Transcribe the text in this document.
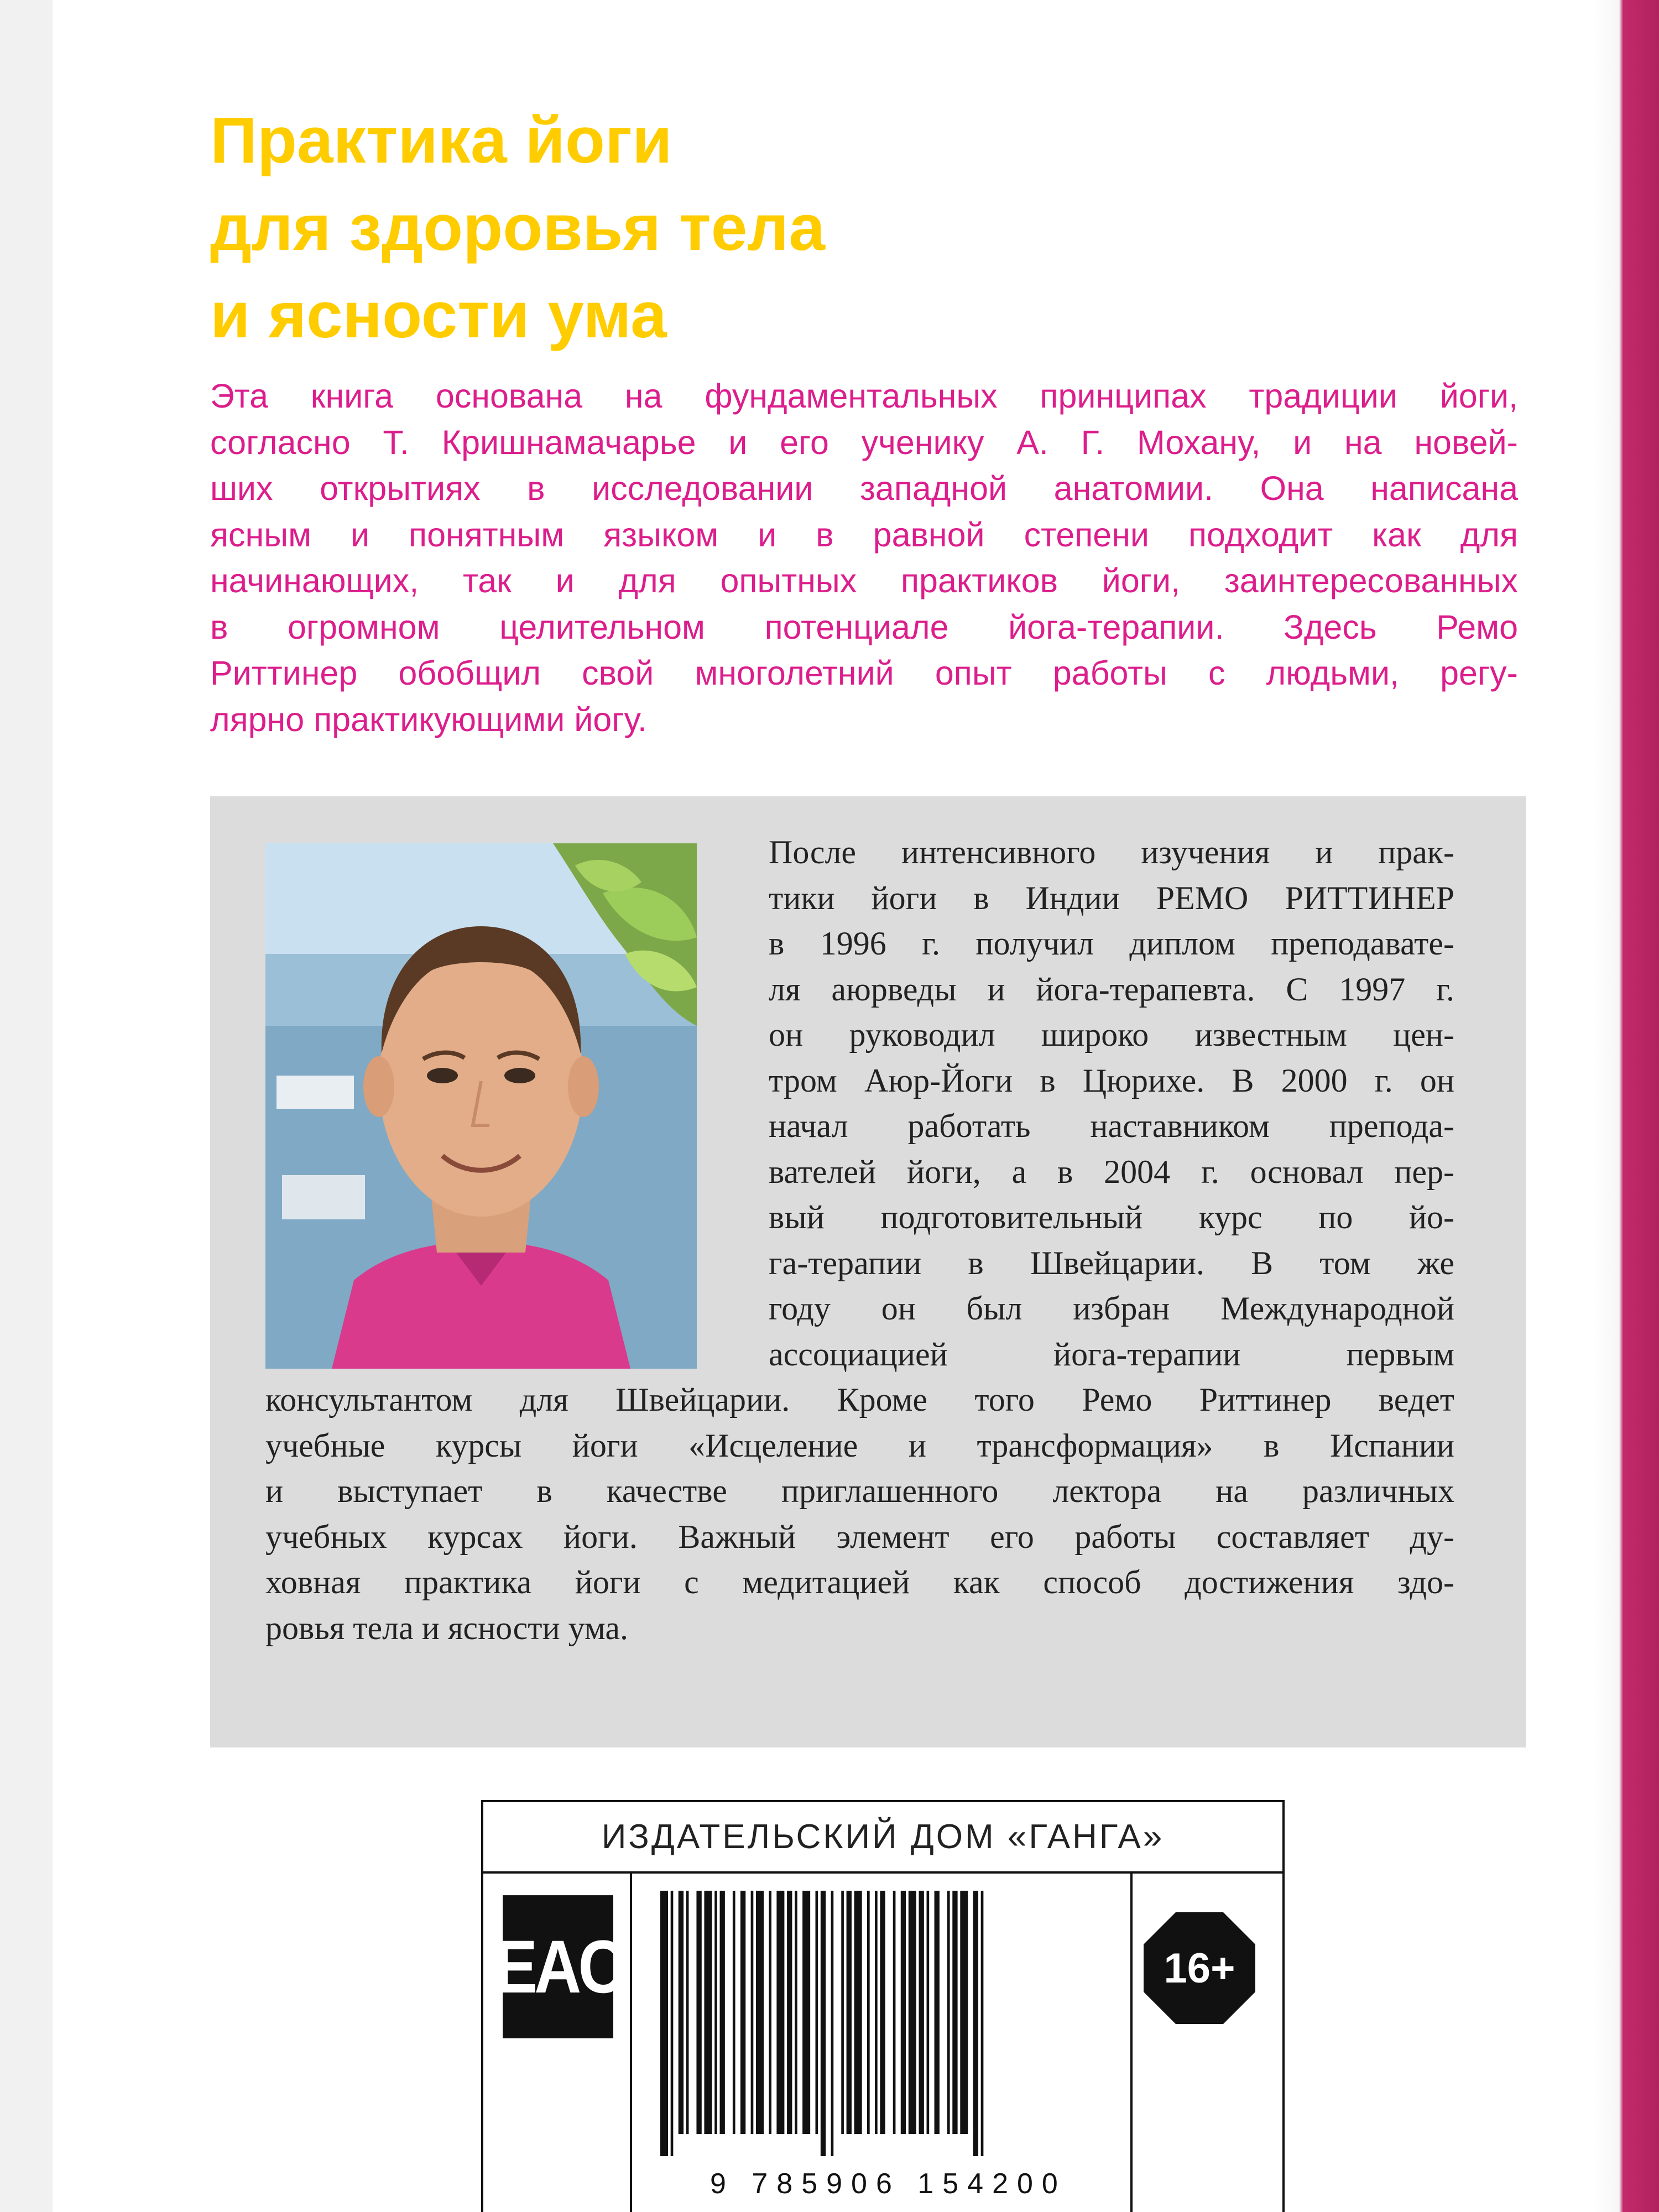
Практика йоги
для здоровья тела
и ясности ума
Эта книга основана на фундаментальных принципах традиции йоги,
согласно Т. Кришнамачарье и его ученику А. Г. Мохану, и на новей-
ших открытиях в исследовании западной анатомии. Она написана
ясным и понятным языком и в равной степени подходит как для
начинающих, так и для опытных практиков йоги, заинтересованных
в огромном целительном потенциале йога-терапии. Здесь Ремо
Риттинер обобщил свой многолетний опыт работы с людьми, регу-
лярно практикующими йогу.
После интенсивного изучения и прак-
тики йоги в Индии РЕМО РИТТИНЕР
в 1996 г. получил диплом преподавате-
ля аюрведы и йога-терапевта. С 1997 г.
он руководил широко известным цен-
тром Аюр-Йоги в Цюрихе. В 2000 г. он
начал работать наставником препода-
вателей йоги, а в 2004 г. основал пер-
вый подготовительный курс по йо-
га-терапии в Швейцарии. В том же
году он был избран Международной
ассоциацией йога-терапии первым
консультантом для Швейцарии. Кроме того Ремо Риттинер ведет
учебные курсы йоги «Исцеление и трансформация» в Испании
и выступает в качестве приглашенного лектора на различных
учебных курсах йоги. Важный элемент его работы составляет ду-
ховная практика йоги с медитацией как способ достижения здо-
ровья тела и ясности ума.
ИЗДАТЕЛЬСКИЙ ДОМ «ГАНГА»
EAC
9 785906 154200
16+
